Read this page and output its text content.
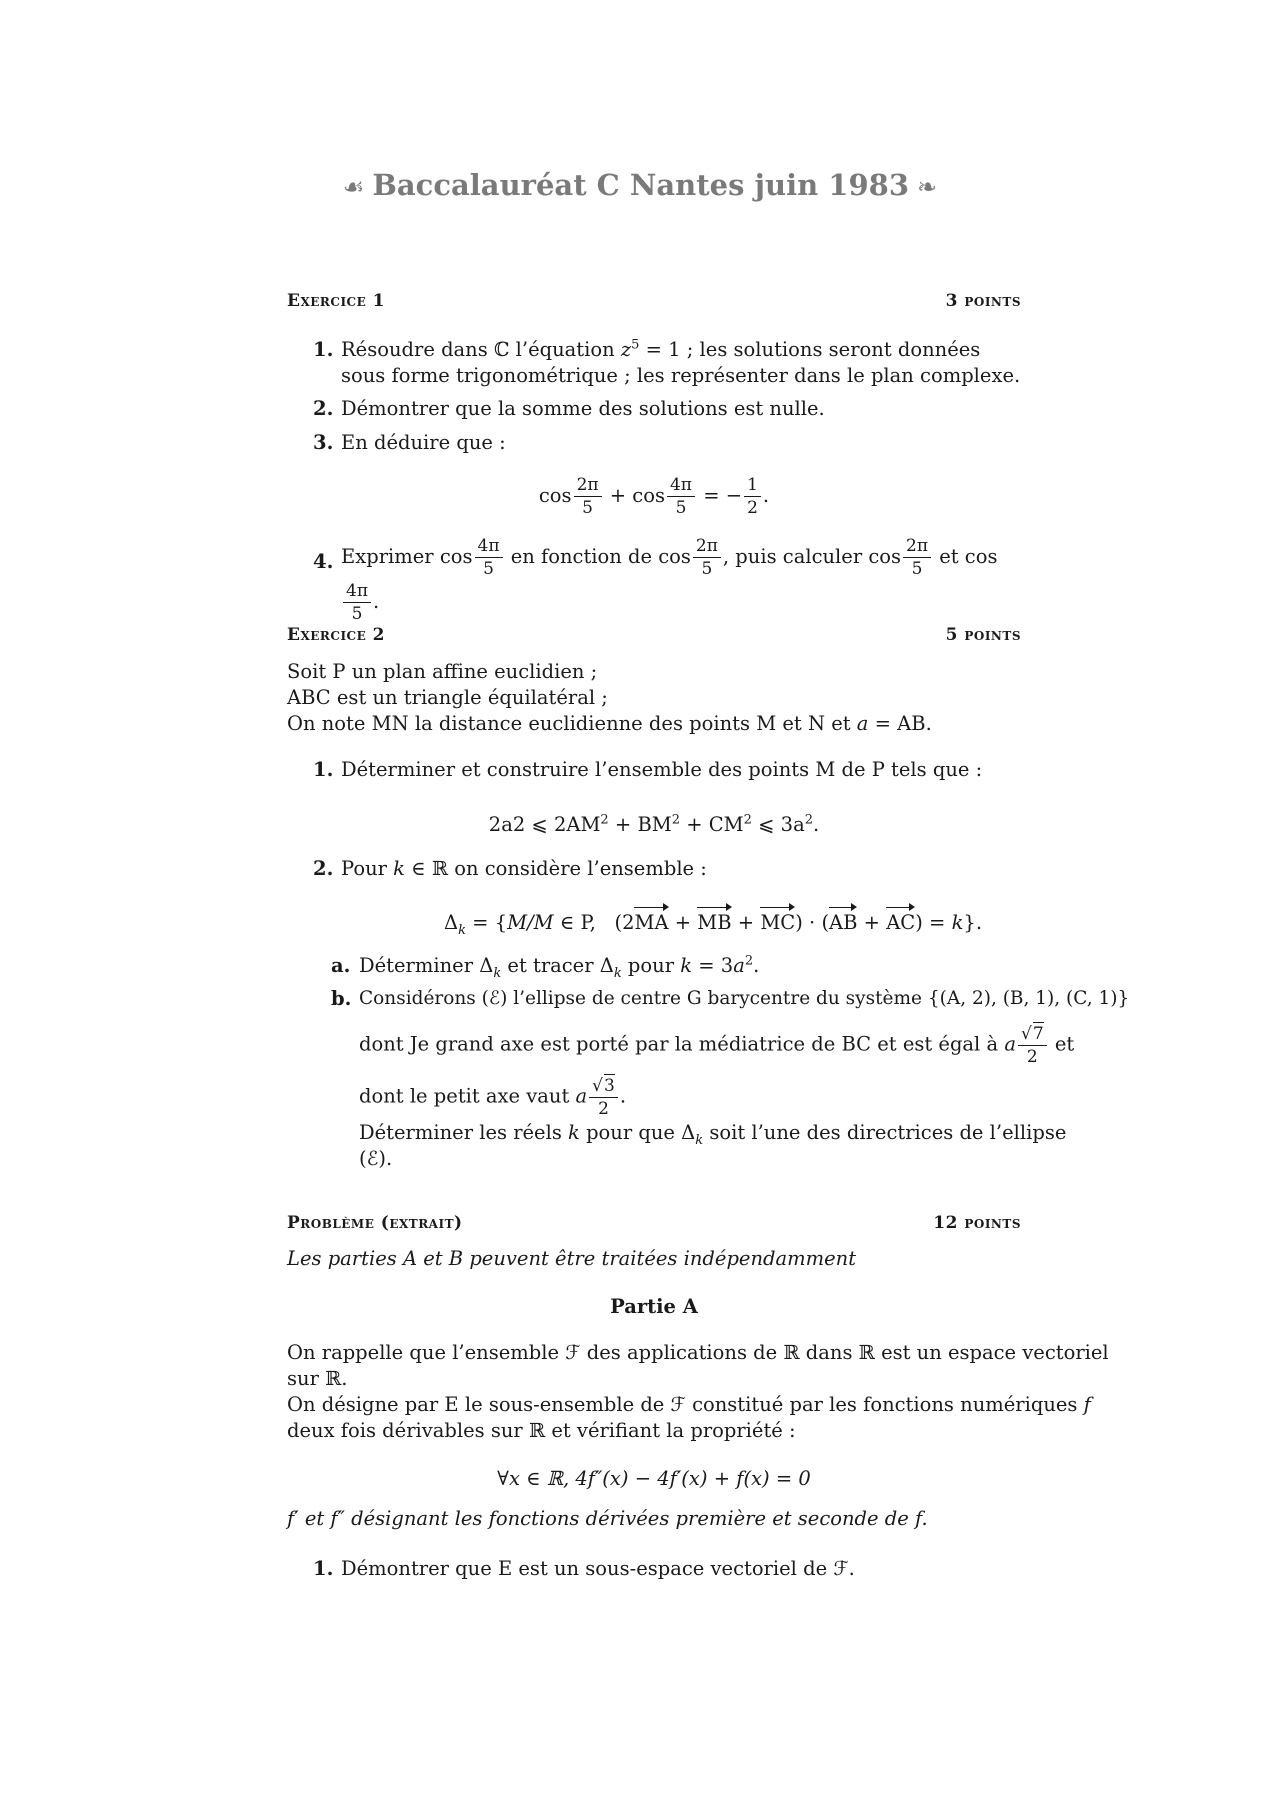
☙ Baccalauréat C Nantes juin 1983 ❧
Exercice 1	3 points
1. Résoudre dans ℂ l’équation $z^5 = 1$ ; les solutions seront données sous forme trigonométrique ; les représenter dans le plan complexe.
2. Démontrer que la somme des solutions est nulle.
3. En déduire que :
$\cos \frac{2\pi}{5} + \cos \frac{4\pi}{5}$ = − $\frac{1}{2}$ .
4. Exprimer $\cos \frac{4\pi}{5}$ en fonction de $\cos \frac{2\pi}{5}$ , puis calculer $\cos \frac{2\pi}{5}$ et cos
$\frac{4\pi}{5}$ .
Exercice 2	5 points
Soit P un plan affine euclidien ;
ABC est un triangle équilatéral ;
On note MN la distance euclidienne des points M et N et a = AB.
1. Déterminer et construire l’ensemble des points M de P tels que :
2a2 ⩽ $2AM^2 + BM^2 + CM^2$ ⩽ $3a^2$.
2. Pour k ∈ ℝ on considère l’ensemble :
$\Delta_k = \{M/M$ ∈ P, (2MA + MB + MC) · (AB + AC) = k}.
a. Déterminer $\Delta_k$ et tracer $\Delta_k$ pour $k = 3a^2$.
b. Considérons (ℰ) l’ellipse de centre G barycentre du système {(A, 2), (B, 1), (C, 1)}
dont Je grand axe est porté par la médiatrice de BC et est égal à a $\frac{√7}{2}$ et
dont le petit axe vaut a $\frac{√3}{2}$ .
Déterminer les réels k pour que $\Delta_k$ soit l’une des directrices de l’ellipse
(ℰ).
Problème (extrait)	12 points
Les parties A et B peuvent être traitées indépendamment
Partie A
On rappelle que l’ensemble ℱ des applications de ℝ dans ℝ est un espace vectoriel
sur ℝ.
On désigne par E le sous-ensemble de ℱ constitué par les fonctions numériques f
deux fois dérivables sur ℝ et vérifiant la propriété :
∀x ∈ ℝ, 4f″(x) − 4f′(x) + f(x) = 0
f′ et f″ désignant les fonctions dérivées première et seconde de f.
1. Démontrer que E est un sous-espace vectoriel de ℱ.
